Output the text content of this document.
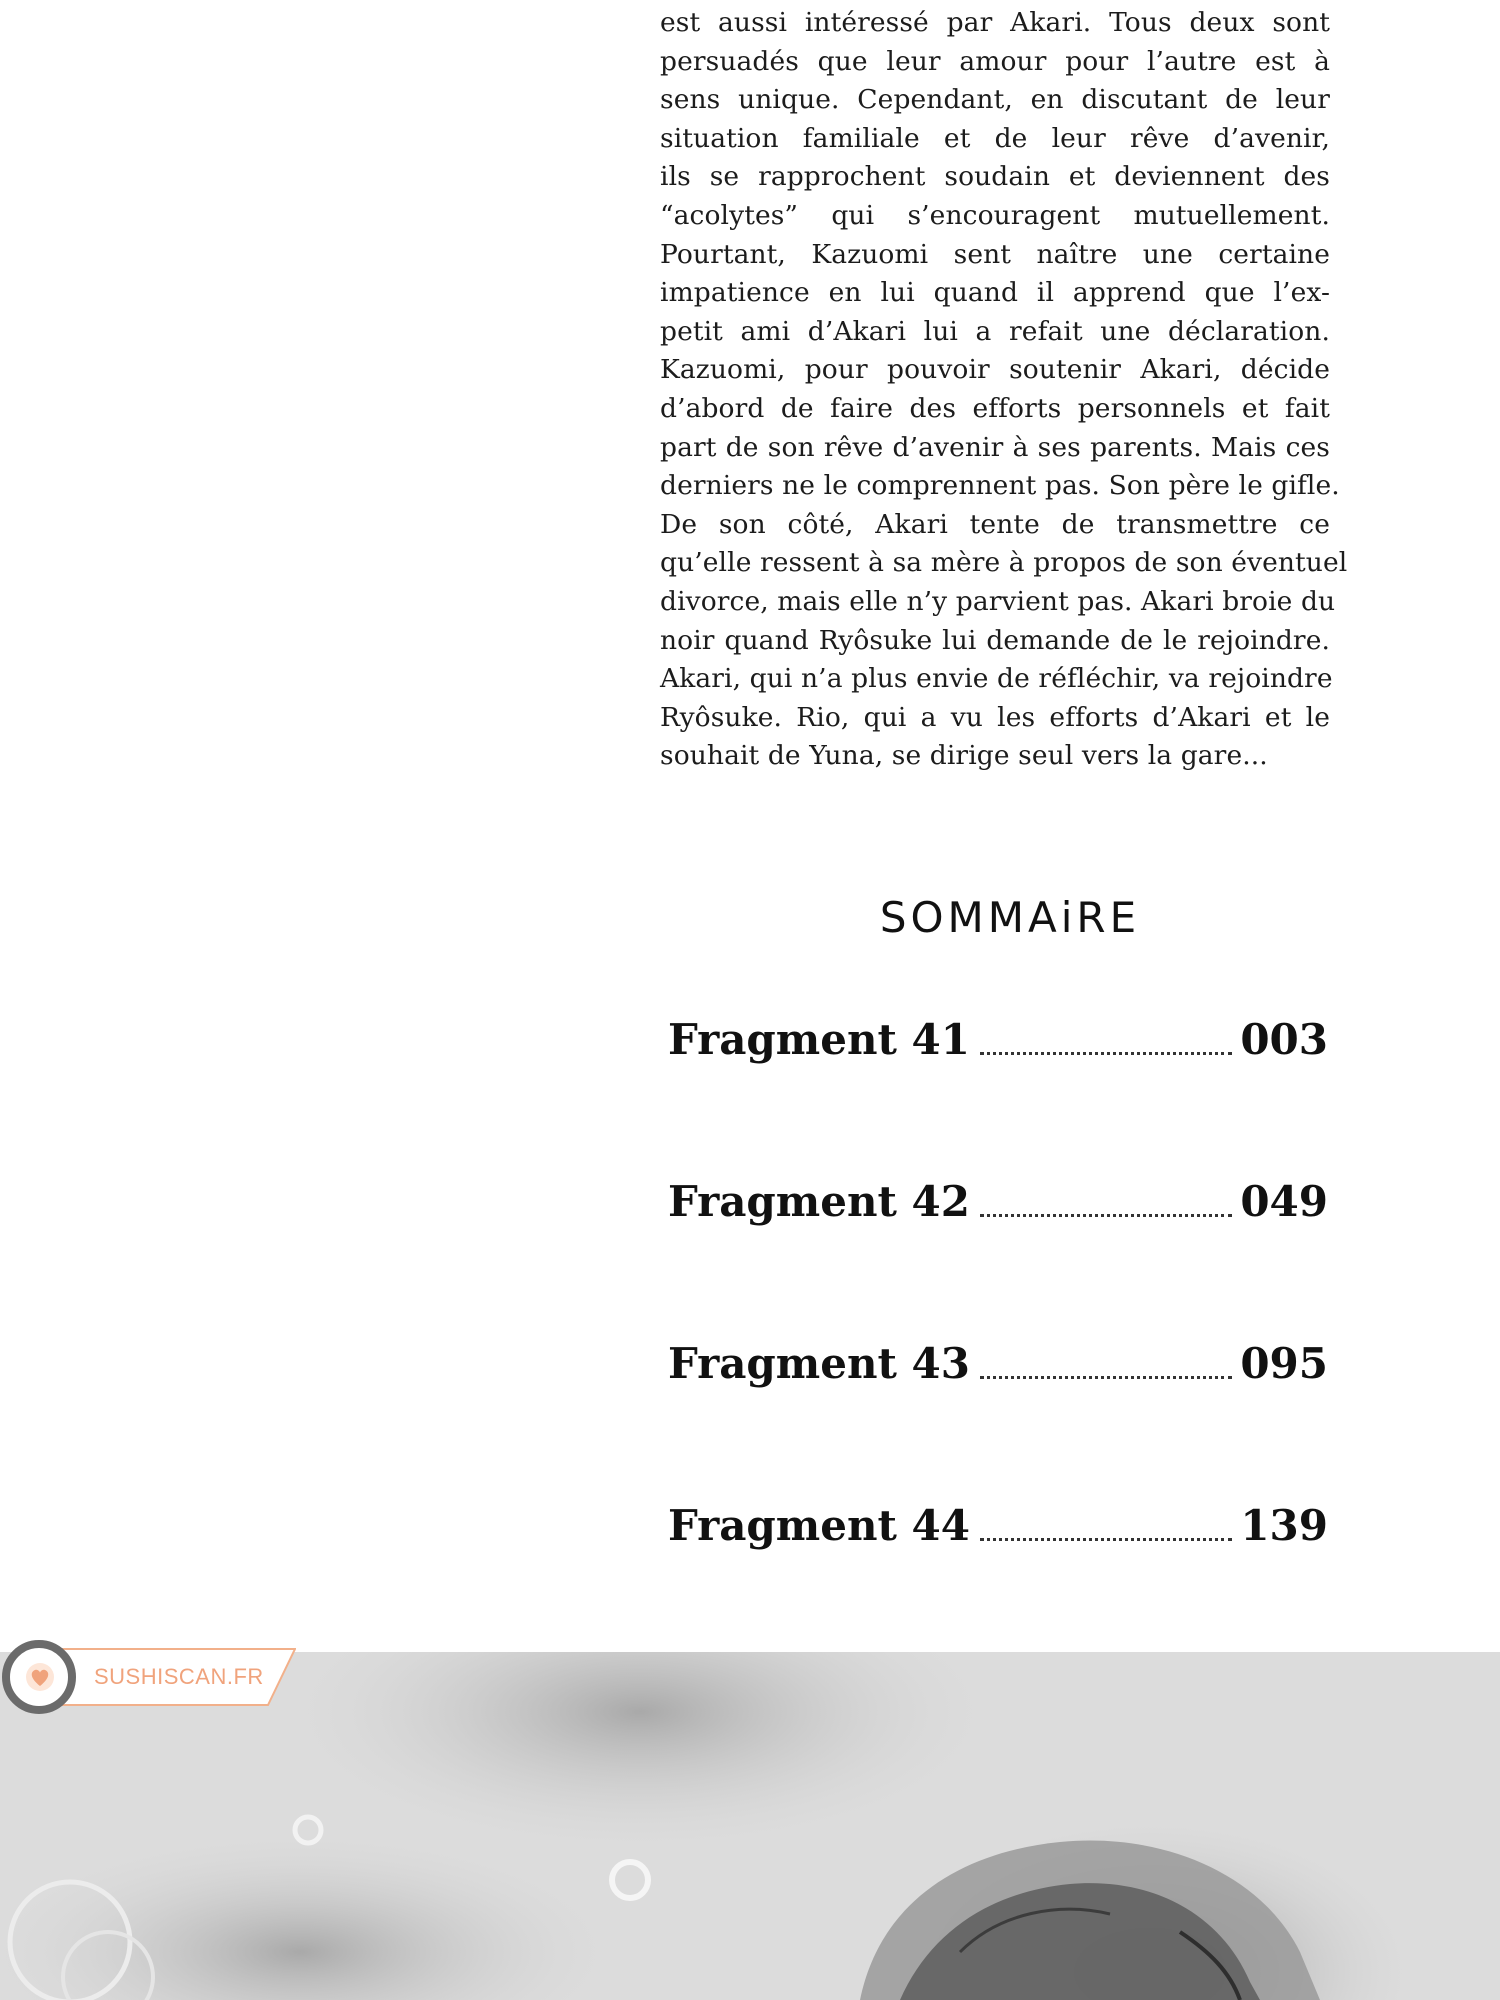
est aussi intéressé par Akari. Tous deux sont
persuadés que leur amour pour l’autre est à
sens unique. Cependant, en discutant de leur
situation familiale et de leur rêve d’avenir,
ils se rapprochent soudain et deviennent des
“acolytes” qui s’encouragent mutuellement.
Pourtant, Kazuomi sent naître une certaine
impatience en lui quand il apprend que l’ex-
petit ami d’Akari lui a refait une déclaration.
Kazuomi, pour pouvoir soutenir Akari, décide
d’abord de faire des efforts personnels et fait
part de son rêve d’avenir à ses parents. Mais ces
derniers ne le comprennent pas. Son père le gifle.
De son côté, Akari tente de transmettre ce
qu’elle ressent à sa mère à propos de son éventuel
divorce, mais elle n’y parvient pas. Akari broie du
noir quand Ryôsuke lui demande de le rejoindre.
Akari, qui n’a plus envie de réfléchir, va rejoindre
Ryôsuke. Rio, qui a vu les efforts d’Akari et le
souhait de Yuna, se dirige seul vers la gare...
SOMMAiRE
Fragment 41	003
Fragment 42	049
Fragment 43	095
Fragment 44	139
SUSHISCAN.FR
